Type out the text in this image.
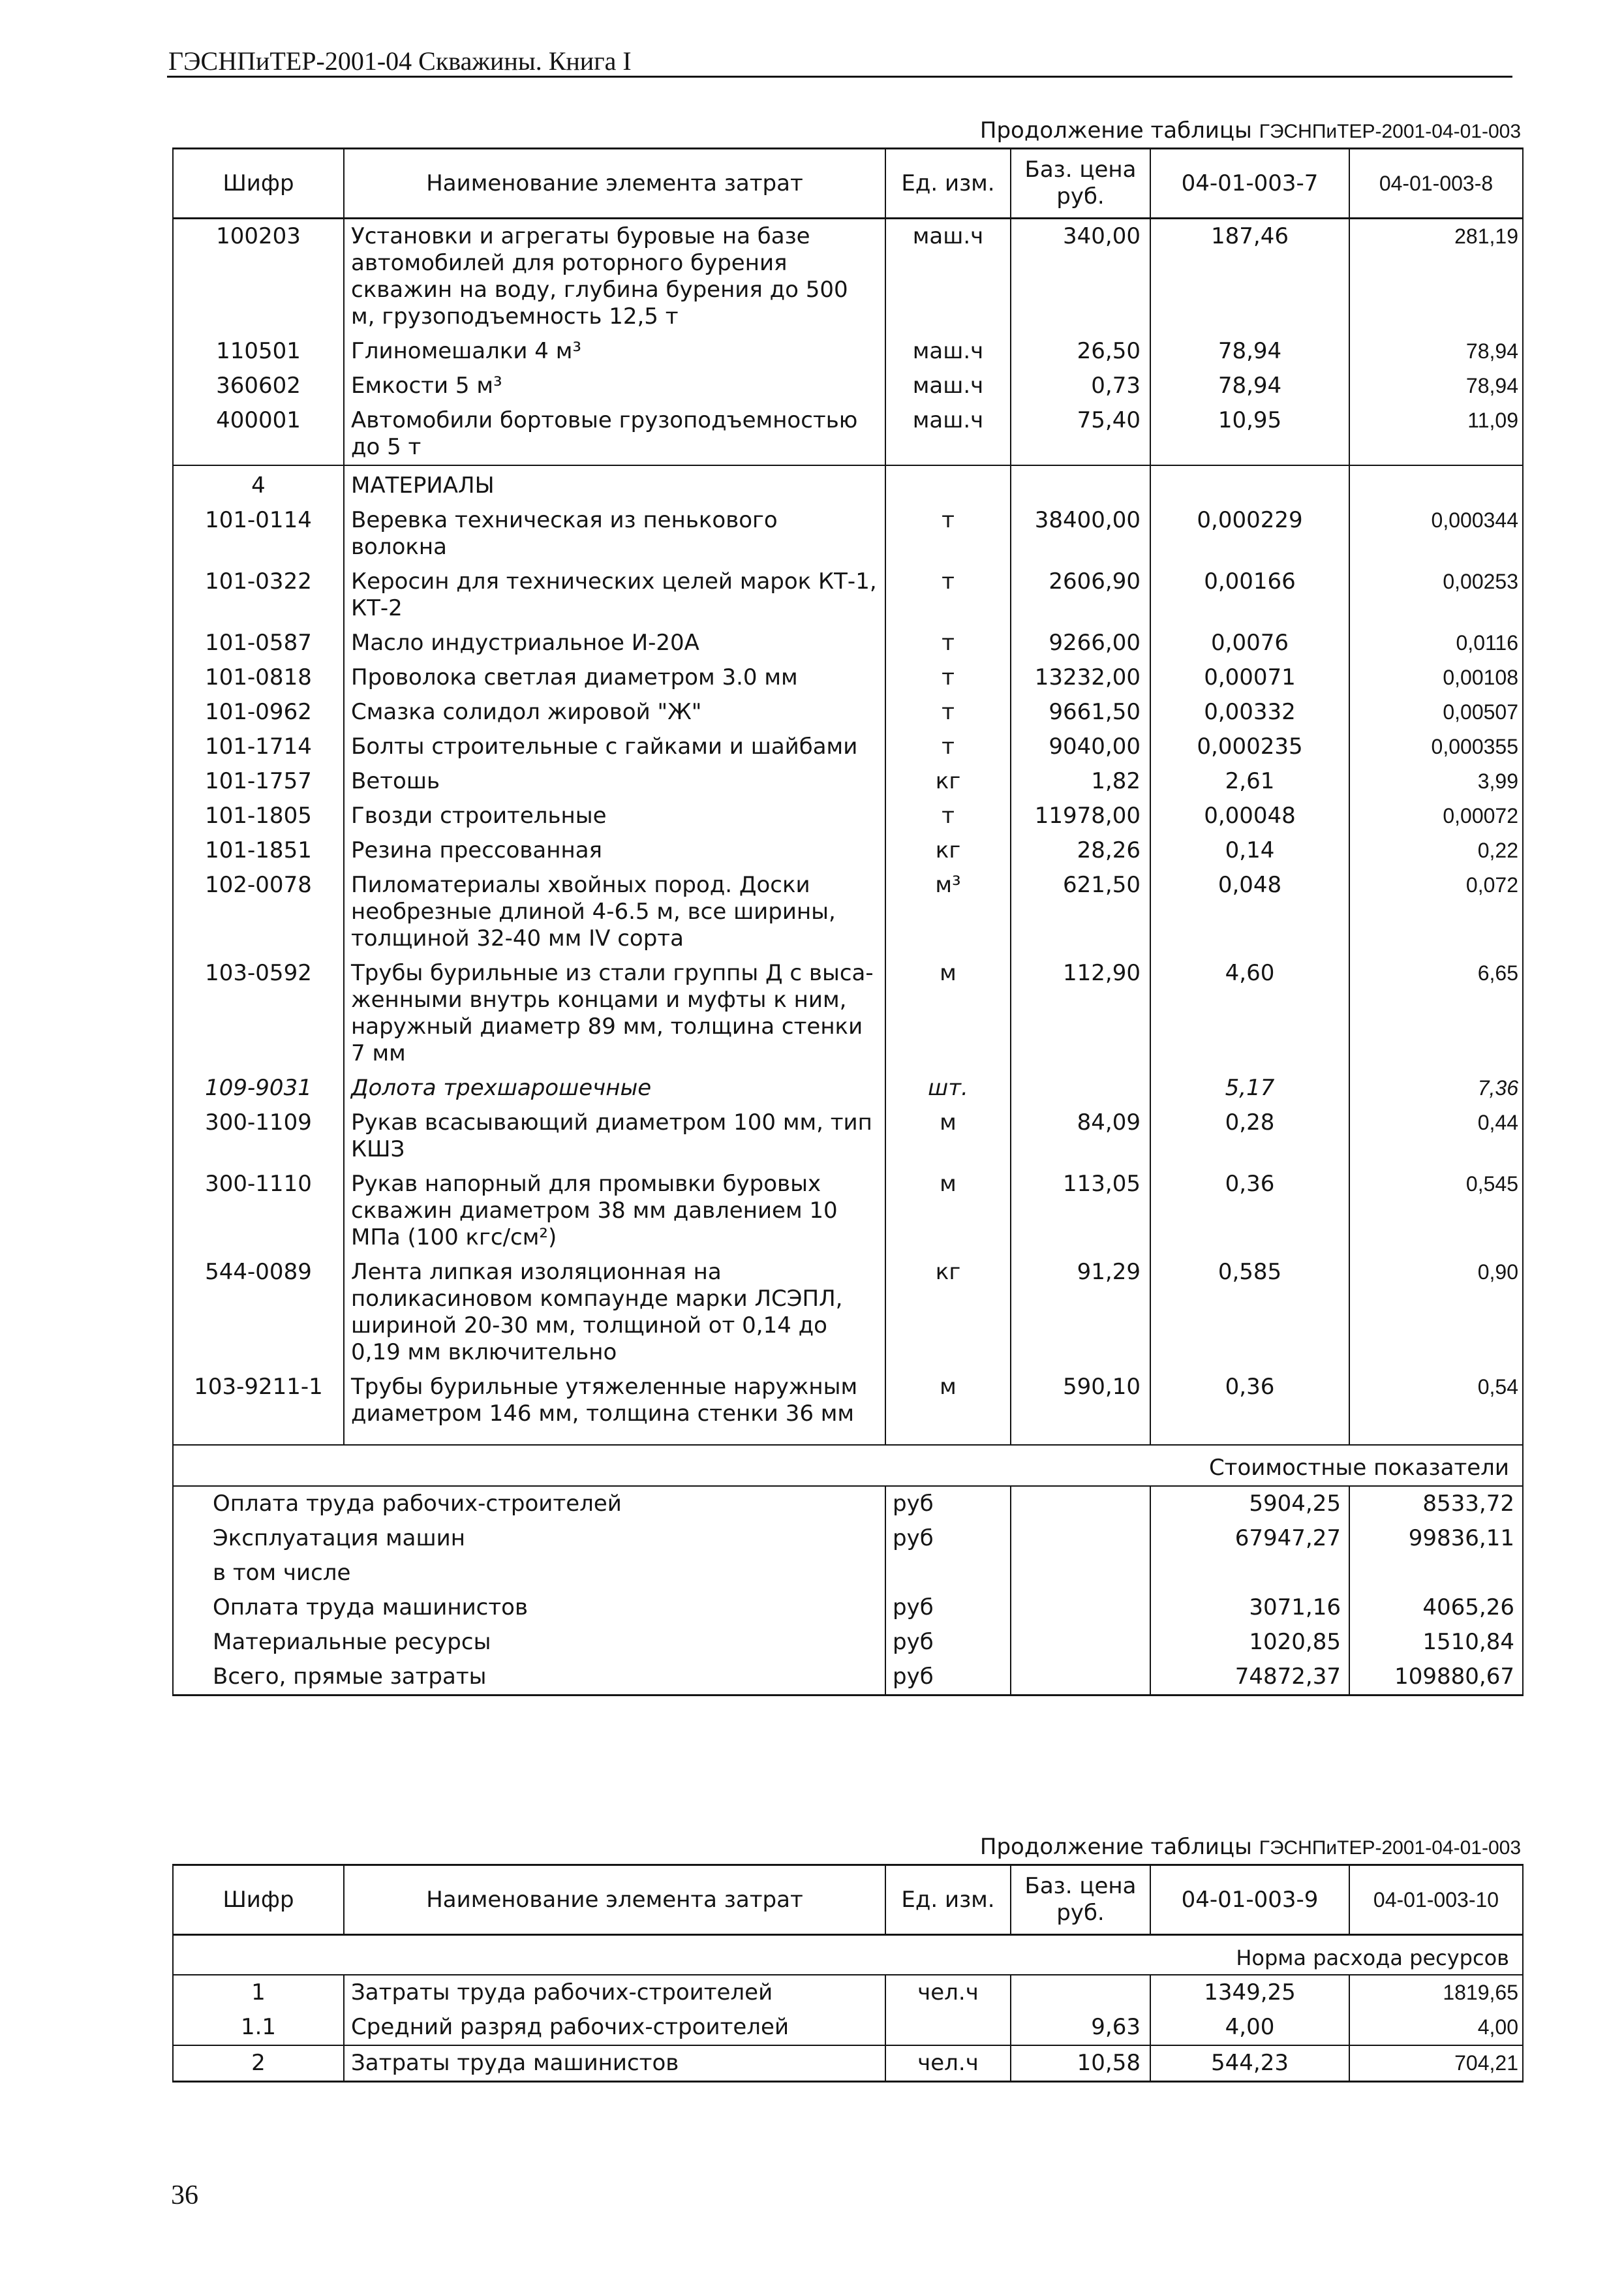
ГЭСНПиТЕР-2001-04 Скважины. Книга I
Продолжение таблицы ГЭСНПиТЕР-2001-04-01-003
Шифр	Наименование элемента затрат	Ед. изм.	Баз. цена руб.	04-01-003-7	04-01-003-8
100203	Установки и агрегаты буровые на базе автомобилей для роторного бурения скважин на воду, глубина бурения до 500 м, грузоподъемность 12,5 т	маш.ч	340,00	187,46	281,19
110501	Глиномешалки 4 м³	маш.ч	26,50	78,94	78,94
360602	Емкости 5 м³	маш.ч	0,73	78,94	78,94
400001	Автомобили бортовые грузоподъемностью до 5 т	маш.ч	75,40	10,95	11,09
4	МАТЕРИАЛЫ				
101-0114	Веревка техническая из пенькового волокна	т	38400,00	0,000229	0,000344
101-0322	Керосин для технических целей марок КТ-1, КТ-2	т	2606,90	0,00166	0,00253
101-0587	Масло индустриальное И-20А	т	9266,00	0,0076	0,0116
101-0818	Проволока светлая диаметром 3.0 мм	т	13232,00	0,00071	0,00108
101-0962	Смазка солидол жировой "Ж"	т	9661,50	0,00332	0,00507
101-1714	Болты строительные с гайками и шайбами	т	9040,00	0,000235	0,000355
101-1757	Ветошь	кг	1,82	2,61	3,99
101-1805	Гвозди строительные	т	11978,00	0,00048	0,00072
101-1851	Резина прессованная	кг	28,26	0,14	0,22
102-0078	Пиломатериалы хвойных пород. Доски необрезные длиной 4-6.5 м, все ширины, толщиной 32-40 мм IV сорта	м³	621,50	0,048	0,072
103-0592	Трубы бурильные из стали группы Д с выса-женными внутрь концами и муфты к ним, наружный диаметр 89 мм, толщина стенки 7 мм	м	112,90	4,60	6,65
109-9031	Долота трехшарошечные	шт.		5,17	7,36
300-1109	Рукав всасывающий диаметром 100 мм, тип КШЗ	м	84,09	0,28	0,44
300-1110	Рукав напорный для промывки буровых скважин диаметром 38 мм давлением 10 МПа (100 кгс/см²)	м	113,05	0,36	0,545
544-0089	Лента липкая изоляционная на поликасиновом компаунде марки ЛСЭПЛ, шириной 20-30 мм, толщиной от 0,14 до 0,19 мм включительно	кг	91,29	0,585	0,90
103-9211-1	Трубы бурильные утяжеленные наружным диаметром 146 мм, толщина стенки 36 мм	м	590,10	0,36	0,54

Стоимостные показатели					
Оплата труда рабочих-строителей		руб		5904,25	8533,72
Эксплуатация машин		руб		67947,27	99836,11
в том числе					
Оплата труда машинистов		руб		3071,16	4065,26
Материальные ресурсы		руб		1020,85	1510,84
Всего, прямые затраты		руб		74872,37	109880,67
Продолжение таблицы ГЭСНПиТЕР-2001-04-01-003
Шифр	Наименование элемента затрат	Ед. изм.	Баз. цена руб.	04-01-003-9	04-01-003-10
Норма расхода ресурсов					
1	Затраты труда рабочих-строителей	чел.ч		1349,25	1819,65
1.1	Средний разряд рабочих-строителей		9,63	4,00	4,00
2	Затраты труда машинистов	чел.ч	10,58	544,23	704,21
36
